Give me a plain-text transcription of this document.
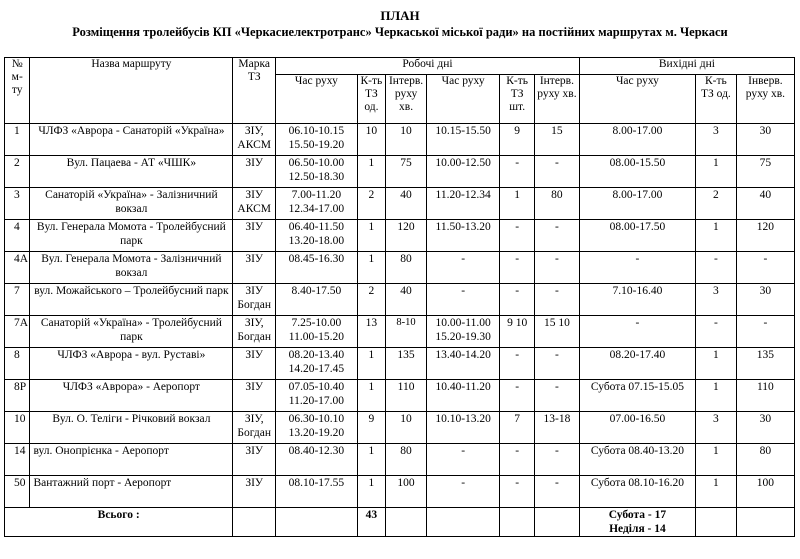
ПЛАН
Розміщення тролейбусів КП «Черкасиелектротранс» Черкаської міської ради» на постійних маршрутах м. Черкаси
№ м-ту	Назва маршруту	Марка ТЗ	Робочі дні						Вихідні дні		
			Час руху	К-ть ТЗ од.	Інтерв. руху хв.	Час руху	К-ть ТЗ шт.	Інтерв. руху хв.	Час руху	К-ть ТЗ од.	Інверв. руху хв.
1	ЧЛФЗ «Аврора - Санаторій «Україна»	ЗІУ, АКСМ	06.10-10.15 15.50-19.20	10	10	10.15-15.50	9	15	8.00-17.00	3	30
2	Вул. Пацаева - АТ «ЧШК»	ЗІУ	06.50-10.00 12.50-18.30	1	75	10.00-12.50	-	-	08.00-15.50	1	75
3	Санаторій «Україна» - Залізничний вокзал	ЗІУ АКСМ	7.00-11.20 12.34-17.00	2	40	11.20-12.34	1	80	8.00-17.00	2	40
4	Вул. Генерала Момота - Тролейбусний парк	ЗІУ	06.40-11.50 13.20-18.00	1	120	11.50-13.20	-	-	08.00-17.50	1	120
4А	Вул. Генерала Момота - Залізничний вокзал	ЗІУ	08.45-16.30	1	80	-	-	-	-	-	-
7	вул. Можайського – Тролейбусний парк	ЗІУ Богдан	8.40-17.50	2	40	-	-	-	7.10-16.40	3	30
7А	Санаторій «Україна» - Тролейбусний парк	ЗІУ, Богдан	7.25-10.00 11.00-15.20	13	8-10	10.00-11.00 15.20-19.30	9 10	15 10	-	-	-
8	ЧЛФЗ «Аврора - вул. Руставі»	ЗІУ	08.20-13.40 14.20-17.45	1	135	13.40-14.20	-	-	08.20-17.40	1	135
8Р	ЧЛФЗ «Аврора» - Аеропорт	ЗІУ	07.05-10.40 11.20-17.00	1	110	10.40-11.20	-	-	Субота 07.15-15.05	1	110
10	Вул. О. Теліги - Річковий вокзал	ЗІУ, Богдан	06.30-10.10 13.20-19.20	9	10	10.10-13.20	7	13-18	07.00-16.50	3	30
14	вул. Онопрієнка - Аеропорт	ЗІУ	08.40-12.30	1	80	-	-	-	Субота 08.40-13.20	1	80
50	Вантажний порт - Аеропорт	ЗІУ	08.10-17.55	1	100	-	-	-	Субота 08.10-16.20	1	100
Всього :				43					Субота - 17
Неділя - 14		
